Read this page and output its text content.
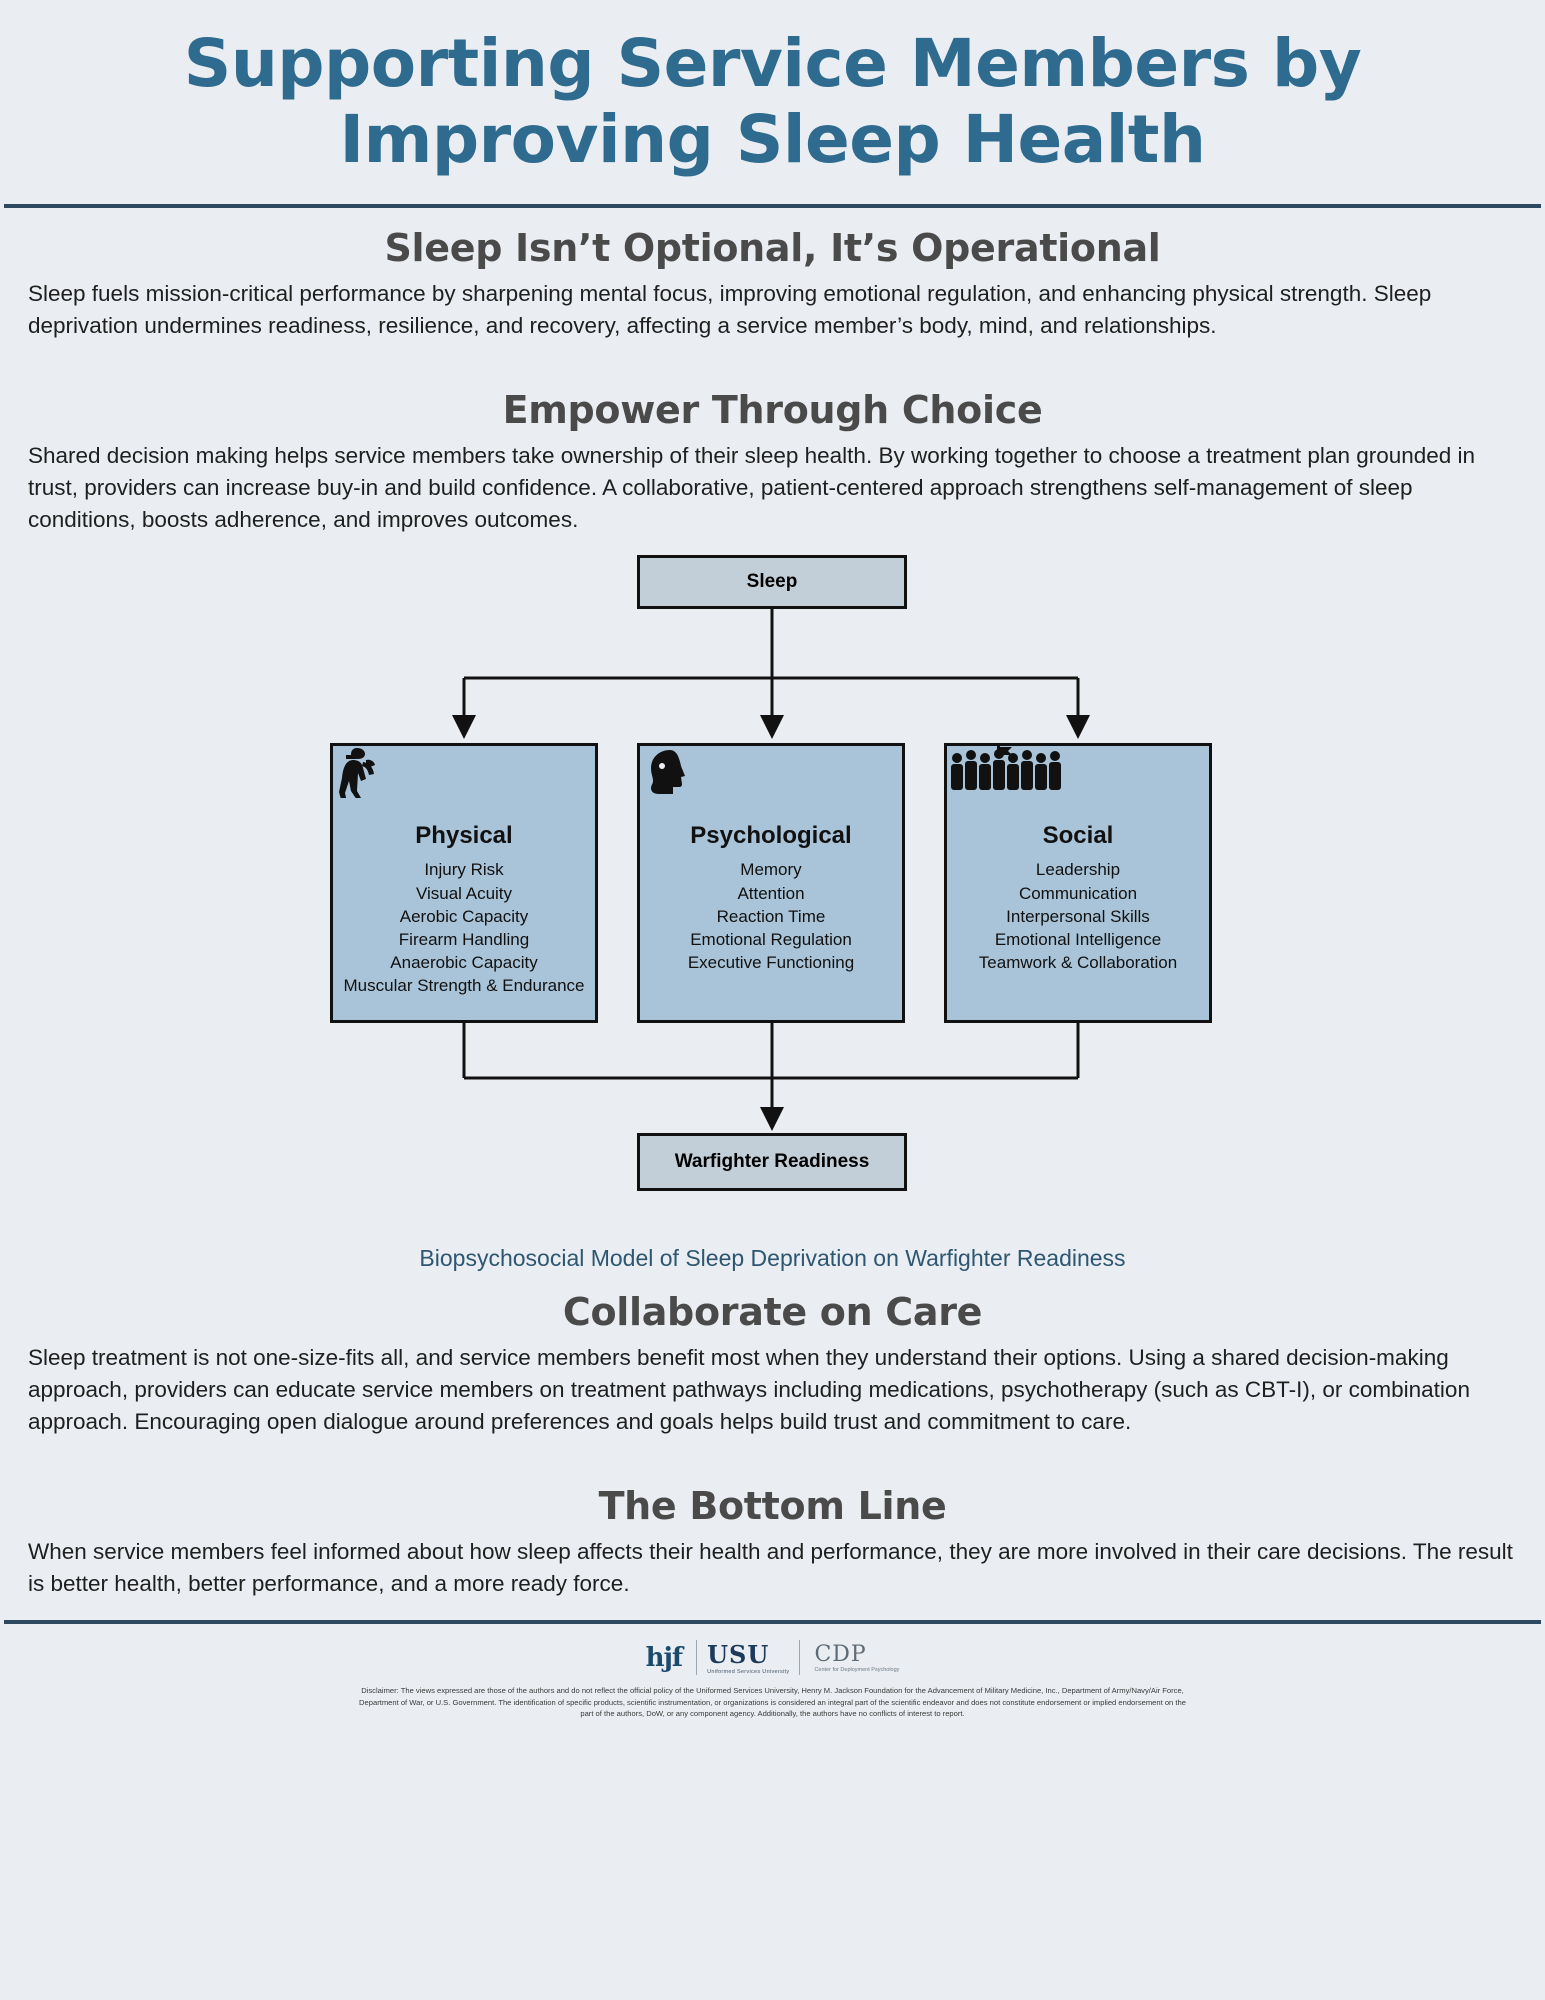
Supporting Service Members by
Improving Sleep Health
Sleep Isn’t Optional, It’s Operational

Sleep fuels mission-critical performance by sharpening mental focus, improving emotional regulation, and enhancing physical strength. Sleep deprivation undermines readiness, resilience, and recovery, affecting a service member’s body, mind, and relationships.

Empower Through Choice

Shared decision making helps service members take ownership of their sleep health. By working together to choose a treatment plan grounded in trust, providers can increase buy-in and build confidence. A collaborative, patient-centered approach strengthens self-management of sleep conditions, boosts adherence, and improves outcomes.

Sleep
Physical
Injury Risk
Visual Acuity
Aerobic Capacity
Firearm Handling
Anaerobic Capacity
Muscular Strength & Endurance
Psychological
Memory
Attention
Reaction Time
Emotional Regulation
Executive Functioning
Social
Leadership
Communication
Interpersonal Skills
Emotional Intelligence
Teamwork & Collaboration
Warfighter Readiness

Biopsychosocial Model of Sleep Deprivation on Warfighter Readiness

Collaborate on Care

Sleep treatment is not one-size-fits all, and service members benefit most when they understand their options. Using a shared decision-making approach, providers can educate service members on treatment pathways including medications, psychotherapy (such as CBT-I), or combination approach. Encouraging open dialogue around preferences and goals helps build trust and commitment to care.

The Bottom Line

When service members feel informed about how sleep affects their health and performance, they are more involved in their care decisions. The result is better health, better performance, and a more ready force.

hjf USU
Uniformed Services University
CDP
Center for Deployment Psychology
Disclaimer: The views expressed are those of the authors and do not reflect the official policy of the Uniformed Services University, Henry M. Jackson Foundation for the Advancement of Military Medicine, Inc., Department of Army/Navy/Air Force, Department of War, or U.S. Government. The identification of specific products, scientific instrumentation, or organizations is considered an integral part of the scientific endeavor and does not constitute endorsement or implied endorsement on the part of the authors, DoW, or any component agency. Additionally, the authors have no conflicts of interest to report.
